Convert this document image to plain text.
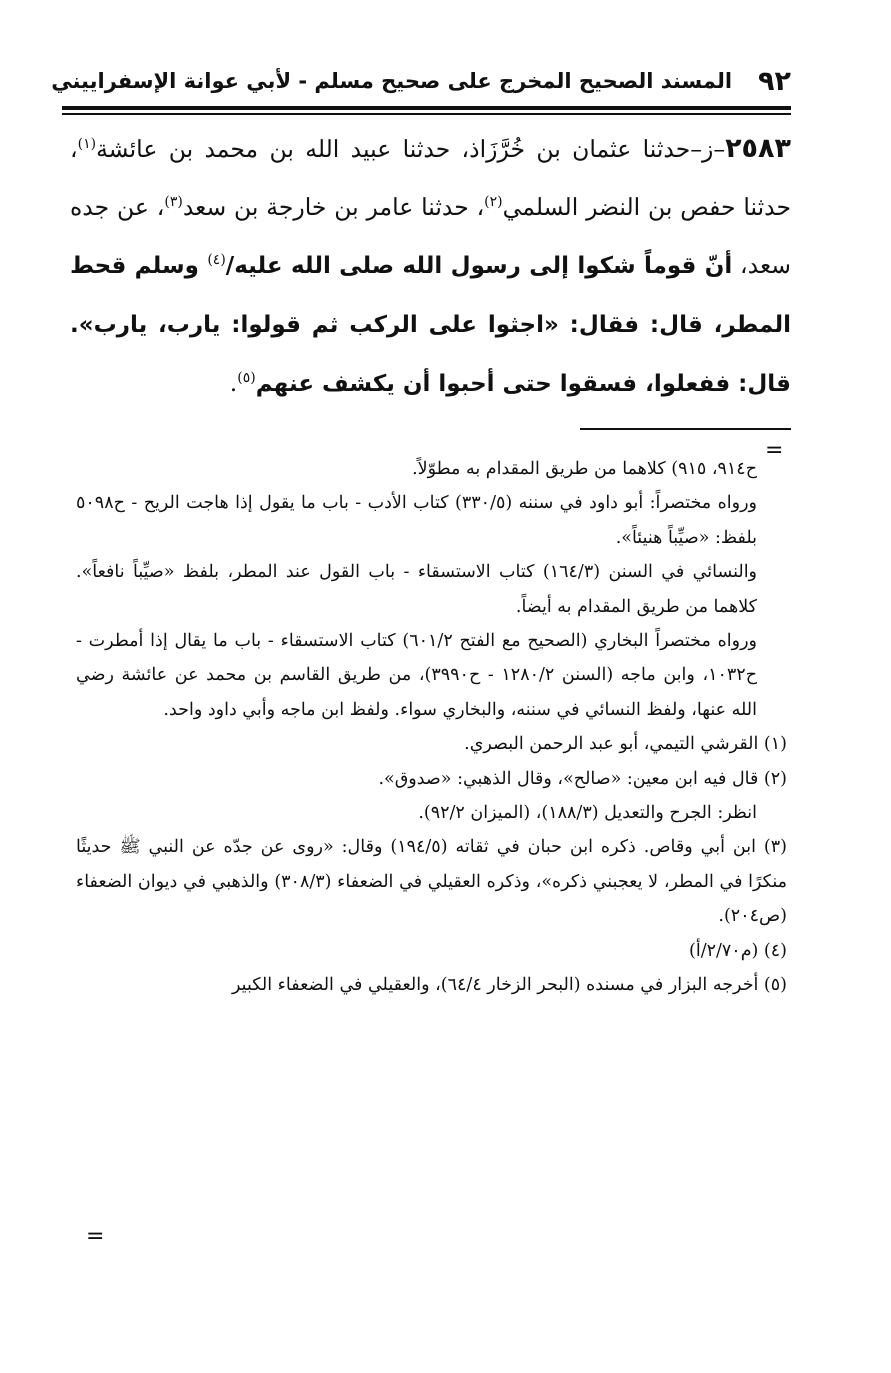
٩٢
المسند الصحيح المخرج على صحيح مسلم - لأبي عوانة الإسفراييني

٢٥٨٣–ز–حدثنا عثمان بن خُرَّزَاذ، حدثنا عبيد الله بن محمد بن عائشة$^{(١)}$، حدثنا حفص بن النضر السلمي$^{(٢)}$، حدثنا عامر بن خارجة بن سعد$^{(٣)}$، عن جده سعد، أنّ قوماً شكوا إلى رسول الله صلى الله عليه/$^{(٤)}$ وسلم قحط المطر، قال: فقال: «اجثوا على الركب ثم قولوا: يارب، يارب». قال: ففعلوا، فسقوا حتى أحبوا أن يكشف عنهم$^{(٥)}$.

=

ح٩١٤، ٩١٥) كلاهما من طريق المقدام به مطوّلاً.

ورواه مختصراً: أبو داود في سننه (٣٣٠/٥) كتاب الأدب - باب ما يقول إذا هاجت الريح - ح٥٠٩٨ بلفظ: «صيِّباً هنيئاً».

والنسائي في السنن (١٦٤/٣) كتاب الاستسقاء - باب القول عند المطر، بلفظ «صيِّباً نافعاً». كلاهما من طريق المقدام به أيضاً.

ورواه مختصراً البخاري (الصحيح مع الفتح ٦٠١/٢) كتاب الاستسقاء - باب ما يقال إذا أمطرت - ح١٠٣٢، وابن ماجه (السنن ١٢٨٠/٢ - ح٣٩٩٠)، من طريق القاسم بن محمد عن عائشة رضي الله عنها، ولفظ النسائي في سننه، والبخاري سواء. ولفظ ابن ماجه وأبي داود واحد.

(١) القرشي التيمي، أبو عبد الرحمن البصري.

(٢) قال فيه ابن معين: «صالح»، وقال الذهبي: «صدوق».

انظر: الجرح والتعديل (١٨٨/٣)، (الميزان ٩٢/٢).

(٣) ابن أبي وقاص. ذكره ابن حبان في ثقاته (١٩٤/٥) وقال: «روى عن جدّه عن النبي ﷺ حديثًا منكرًا في المطر، لا يعجبني ذكره»، وذكره العقيلي في الضعفاء (٣٠٨/٣) والذهبي في ديوان الضعفاء (ص٢٠٤).

(٤) (م٢/٧٠/أ)

(٥) أخرجه البزار في مسنده (البحر الزخار ٦٤/٤)، والعقيلي في الضعفاء الكبير

=
